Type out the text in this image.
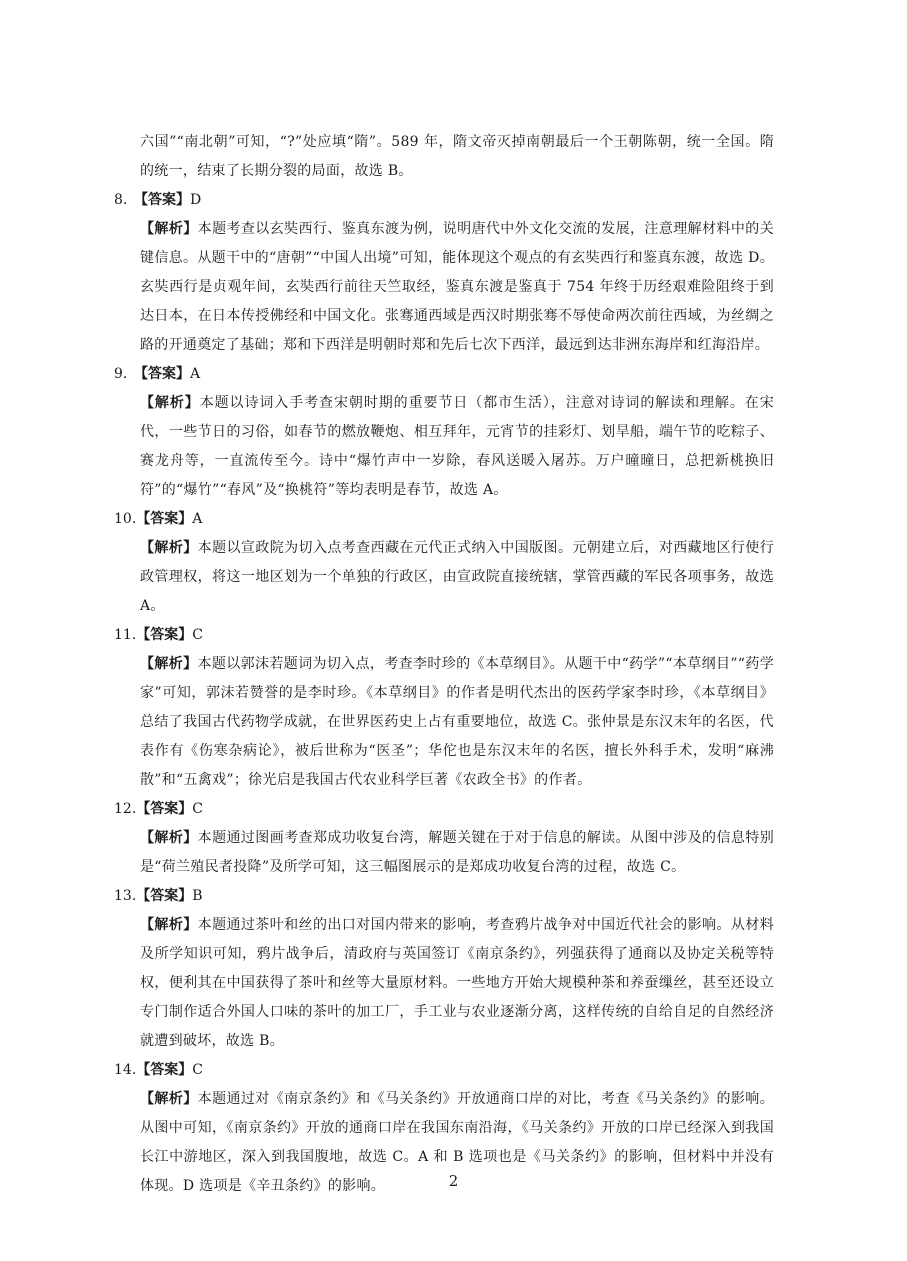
六国”“南北朝”可知，“?”处应填“隋”。589 年，隋文帝灭掉南朝最后一个王朝陈朝，统一全国。隋的统一，结束了长期分裂的局面，故选 B。

8. 【答案】D

【解析】本题考查以玄奘西行、鉴真东渡为例，说明唐代中外文化交流的发展，注意理解材料中的关键信息。从题干中的“唐朝”“中国人出境”可知，能体现这个观点的有玄奘西行和鉴真东渡，故选 D。玄奘西行是贞观年间，玄奘西行前往天竺取经，鉴真东渡是鉴真于 754 年终于历经艰难险阻终于到达日本，在日本传授佛经和中国文化。张骞通西域是西汉时期张骞不辱使命两次前往西域，为丝绸之路的开通奠定了基础；郑和下西洋是明朝时郑和先后七次下西洋，最远到达非洲东海岸和红海沿岸。

9. 【答案】A

【解析】本题以诗词入手考查宋朝时期的重要节日（都市生活），注意对诗词的解读和理解。在宋代，一些节日的习俗，如春节的燃放鞭炮、相互拜年，元宵节的挂彩灯、划旱船，端午节的吃粽子、赛龙舟等，一直流传至今。诗中“爆竹声中一岁除，春风送暖入屠苏。万户曈曈日，总把新桃换旧符”的“爆竹”“春风”及“换桃符”等均表明是春节，故选 A。

10.【答案】A

【解析】本题以宣政院为切入点考查西藏在元代正式纳入中国版图。元朝建立后，对西藏地区行使行政管理权，将这一地区划为一个单独的行政区，由宣政院直接统辖，掌管西藏的军民各项事务，故选 A。

11.【答案】C

【解析】本题以郭沫若题词为切入点，考查李时珍的《本草纲目》。从题干中“药学”“本草纲目”“药学家”可知，郭沫若赞誉的是李时珍。《本草纲目》的作者是明代杰出的医药学家李时珍，《本草纲目》总结了我国古代药物学成就，在世界医药史上占有重要地位，故选 C。张仲景是东汉末年的名医，代表作有《伤寒杂病论》，被后世称为“医圣”；华佗也是东汉末年的名医，擅长外科手术，发明“麻沸散”和“五禽戏”；徐光启是我国古代农业科学巨著《农政全书》的作者。

12.【答案】C

【解析】本题通过图画考查郑成功收复台湾，解题关键在于对于信息的解读。从图中涉及的信息特别是“荷兰殖民者投降”及所学可知，这三幅图展示的是郑成功收复台湾的过程，故选 C。

13.【答案】B

【解析】本题通过茶叶和丝的出口对国内带来的影响，考查鸦片战争对中国近代社会的影响。从材料及所学知识可知，鸦片战争后，清政府与英国签订《南京条约》，列强获得了通商以及协定关税等特权，便利其在中国获得了茶叶和丝等大量原材料。一些地方开始大规模种茶和养蚕缫丝，甚至还设立专门制作适合外国人口味的茶叶的加工厂，手工业与农业逐渐分离，这样传统的自给自足的自然经济就遭到破坏，故选 B。

14.【答案】C

【解析】本题通过对《南京条约》和《马关条约》开放通商口岸的对比，考查《马关条约》的影响。从图中可知，《南京条约》开放的通商口岸在我国东南沿海，《马关条约》开放的口岸已经深入到我国长江中游地区，深入到我国腹地，故选 C。A 和 B 选项也是《马关条约》的影响，但材料中并没有体现。D 选项是《辛丑条约》的影响。	2
